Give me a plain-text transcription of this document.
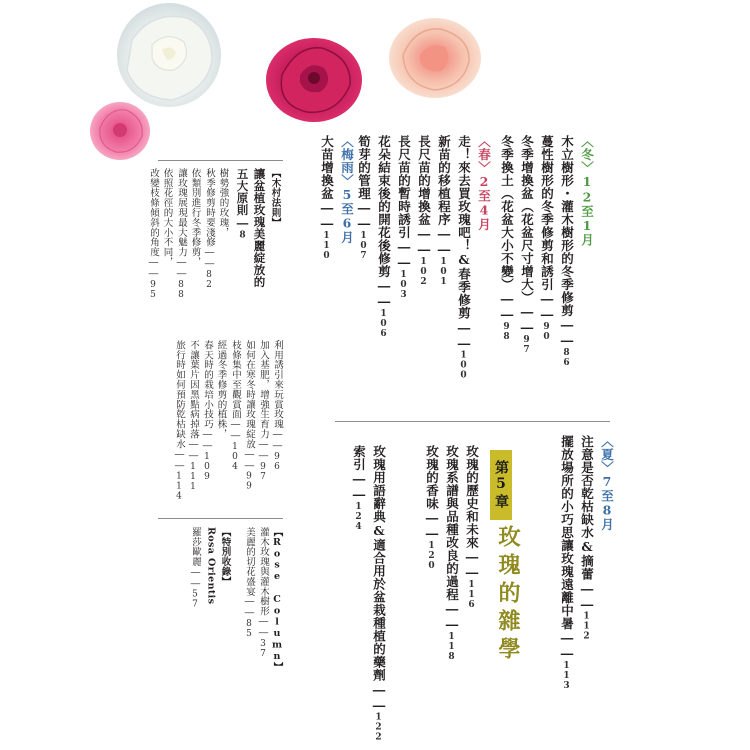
〈冬〉12至1月
木立樹形・灌木樹形的冬季修剪――86
蔓性樹形的冬季修剪和誘引――90
冬季增換盆（花盆尺寸增大）――97
冬季換土（花盆大小不變）――98
〈春〉2至4月
走！來去買玫瑰吧！&春季修剪――100
新苗的移植程序――101
長尺苗的增換盆――102
長尺苗的暫時誘引――103
花朵結束後的開花後修剪――106
筍芽的管理――107
〈梅雨〉5至6月
大苗增換盆――110
【木村法則】
讓盆植玫瑰美麗綻放的
五大原則―8
樹勢強的玫瑰，
秋季修剪時要淺修――82
依類別進行冬季修剪，
讓玫瑰展現最大魅力――88
依照花徑的大小不同，
改變枝條傾斜的角度――95
利用誘引來玩賞玫瑰――96
加入基肥，增強生育力――97
如何在寒冬時讓玫瑰綻放――99
枝條集中至觀賞面――104
經過冬季修剪的植株，
春天時的栽培小技巧――109
不讓葉片因黑點病掉落――111
旅行時如何預防乾枯缺水――114
【Rose Column】
灌木玫瑰與灌木樹形――37
美麗的切花盛宴――85
【特別收錄】
Rosa Orientis
羅莎歐麗――57
〈夏〉7至8月
注意是否乾枯缺水&摘蕾――112
擺放場所的小巧思讓玫瑰遠離中暑――113
第5章
玫瑰的雜學
玫瑰的歷史和未來――116
玫瑰系譜與品種改良的過程――118
玫瑰的香味――120
玫瑰用語辭典&適合用於盆栽種植的藥劑――122
索引――124
